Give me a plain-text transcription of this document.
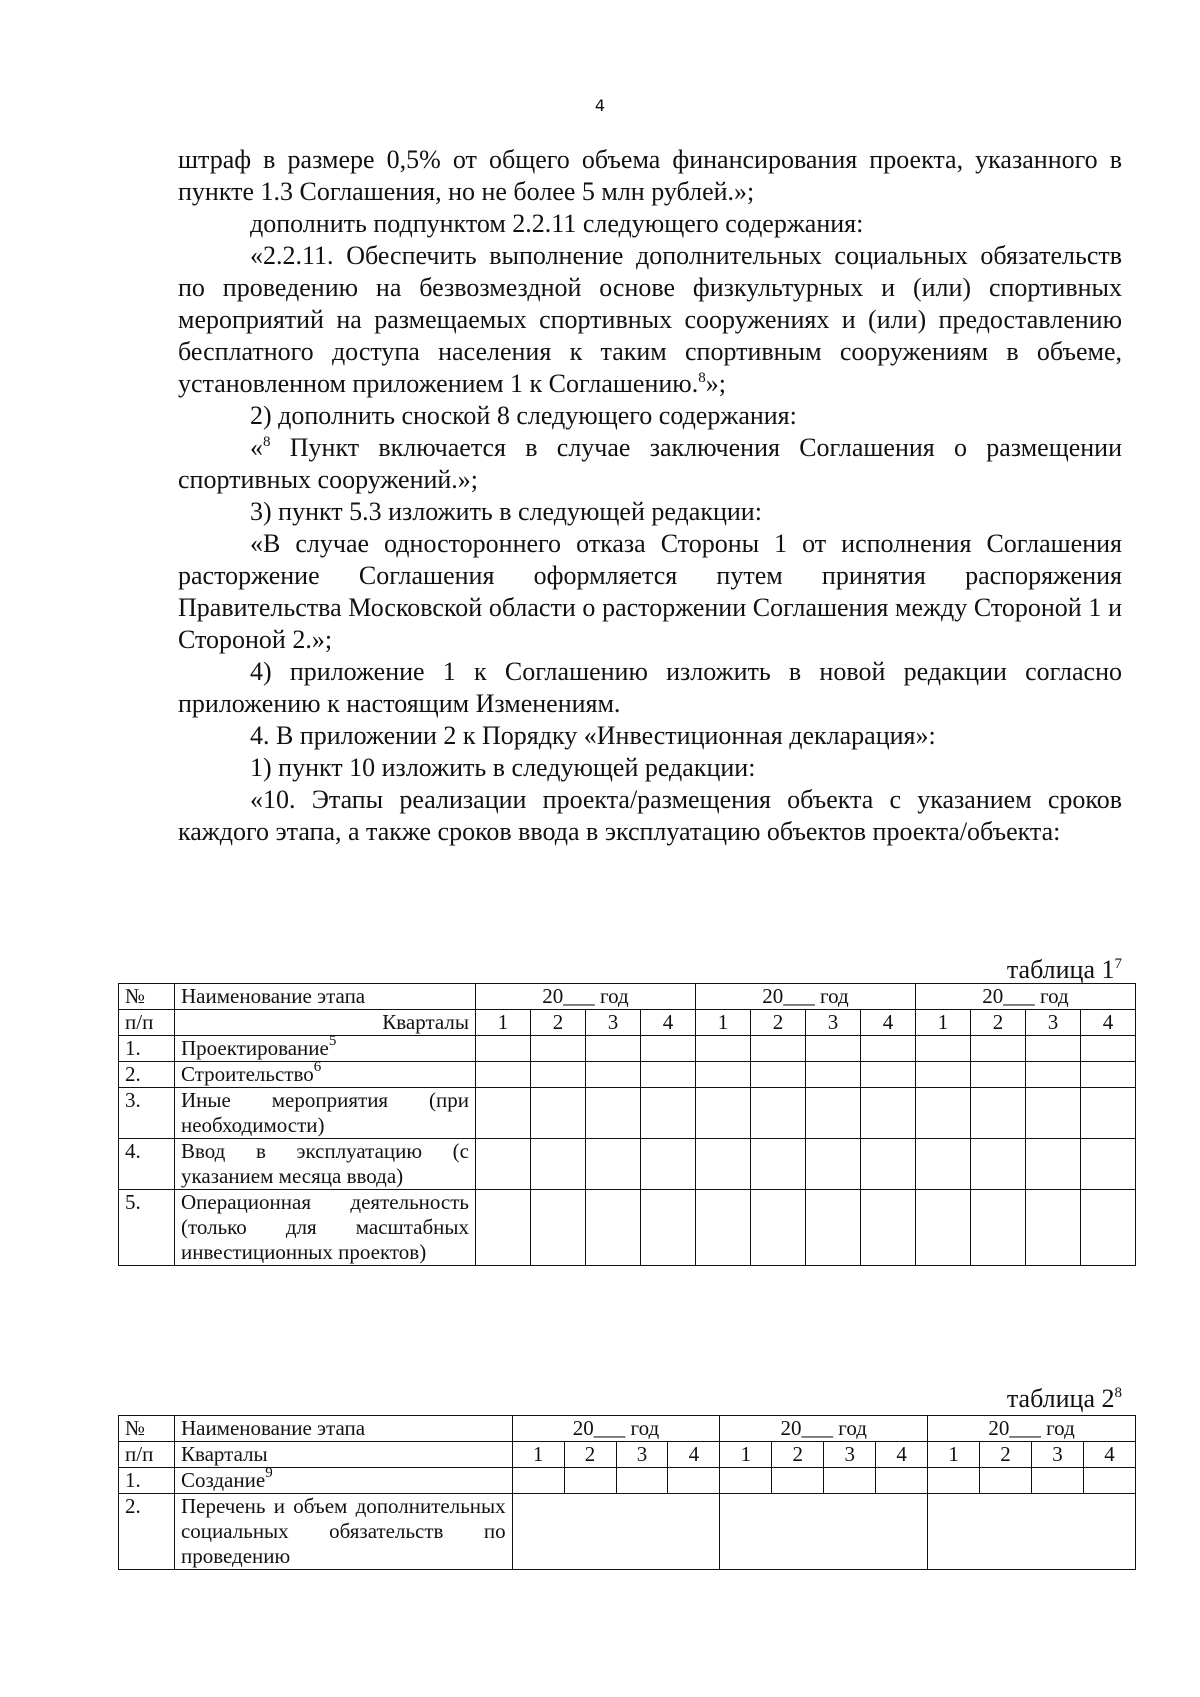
4

штраф в размере 0,5% от общего объема финансирования проекта, указанного в пункте 1.3 Соглашения, но не более 5 млн рублей.»;

дополнить подпунктом 2.2.11 следующего содержания:

«2.2.11. Обеспечить выполнение дополнительных социальных обязательств по проведению на безвозмездной основе физкультурных и (или) спортивных мероприятий на размещаемых спортивных сооружениях и (или) предоставлению бесплатного доступа населения к таким спортивным сооружениям в объеме, установленном приложением 1 к Соглашению.$^8$»;

2) дополнить сноской 8 следующего содержания:

«$^8$ Пункт включается в случае заключения Соглашения о размещении спортивных сооружений.»;

3) пункт 5.3 изложить в следующей редакции:

«В случае одностороннего отказа Стороны 1 от исполнения Соглашения расторжение Соглашения оформляется путем принятия распоряжения Правительства Московской области о расторжении Соглашения между Стороной 1 и Стороной 2.»;

4) приложение 1 к Соглашению изложить в новой редакции согласно приложению к настоящим Изменениям.

4. В приложении 2 к Порядку «Инвестиционная декларация»:

1) пункт 10 изложить в следующей редакции:

«10. Этапы реализации проекта/размещения объекта с указанием сроков каждого этапа, а также сроков ввода в эксплуатацию объектов проекта/объекта:

таблица $1^7$
№	Наименование этапа	20___ год				20___ год				20___ год			
п/п	Кварталы	1	2	3	4	1	2	3	4	1	2	3	4
1.	Проектирование$^5$												
2.	Строительство$^6$												
3.	Иные мероприятия (при необходимости)												
4.	Ввод в эксплуатацию (с указанием месяца ввода)												
5.	Операционная деятельность (только для масштабных инвестиционных проектов)												
таблица $2^8$
№	Наименование этапа	20___ год				20___ год				20___ год			
п/п	Кварталы	1	2	3	4	1	2	3	4	1	2	3	4
1.	Создание$^9$												
2.	Перечень и объем дополнительных социальных обязательств по проведению												
